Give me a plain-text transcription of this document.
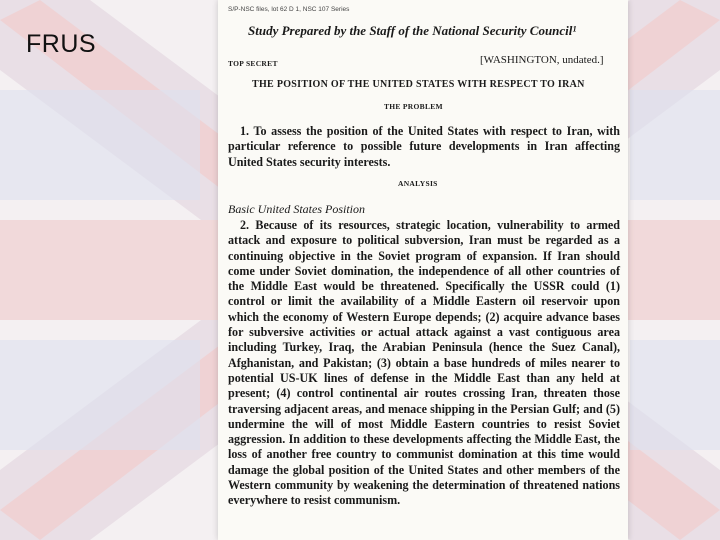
FRUS
S/P-NSC files, lot 62 D 1, NSC 107 Series
Study Prepared by the Staff of the National Security Council¹
TOP SECRET	[WASHINGTON, undated.]
THE POSITION OF THE UNITED STATES WITH RESPECT TO IRAN
THE PROBLEM

1. To assess the position of the United States with respect to Iran, with particular reference to possible future developments in Iran affecting United States security interests.

ANALYSIS
Basic United States Position

2. Because of its resources, strategic location, vulnerability to armed attack and exposure to political subversion, Iran must be regarded as a continuing objective in the Soviet program of expansion. If Iran should come under Soviet domination, the independence of all other countries of the Middle East would be threatened. Specifically the USSR could (1) control or limit the availability of a Middle Eastern oil reservoir upon which the economy of Western Europe depends; (2) acquire advance bases for subversive activities or actual attack against a vast contiguous area including Turkey, Iraq, the Arabian Peninsula (hence the Suez Canal), Afghanistan, and Pakistan; (3) obtain a base hundreds of miles nearer to potential US-UK lines of defense in the Middle East than any held at present; (4) control continental air routes crossing Iran, threaten those traversing adjacent areas, and menace shipping in the Persian Gulf; and (5) undermine the will of most Middle Eastern countries to resist Soviet aggression. In addition to these developments affecting the Middle East, the loss of another free country to communist domination at this time would damage the global position of the United States and other members of the Western community by weakening the determination of threatened nations everywhere to resist communism.
